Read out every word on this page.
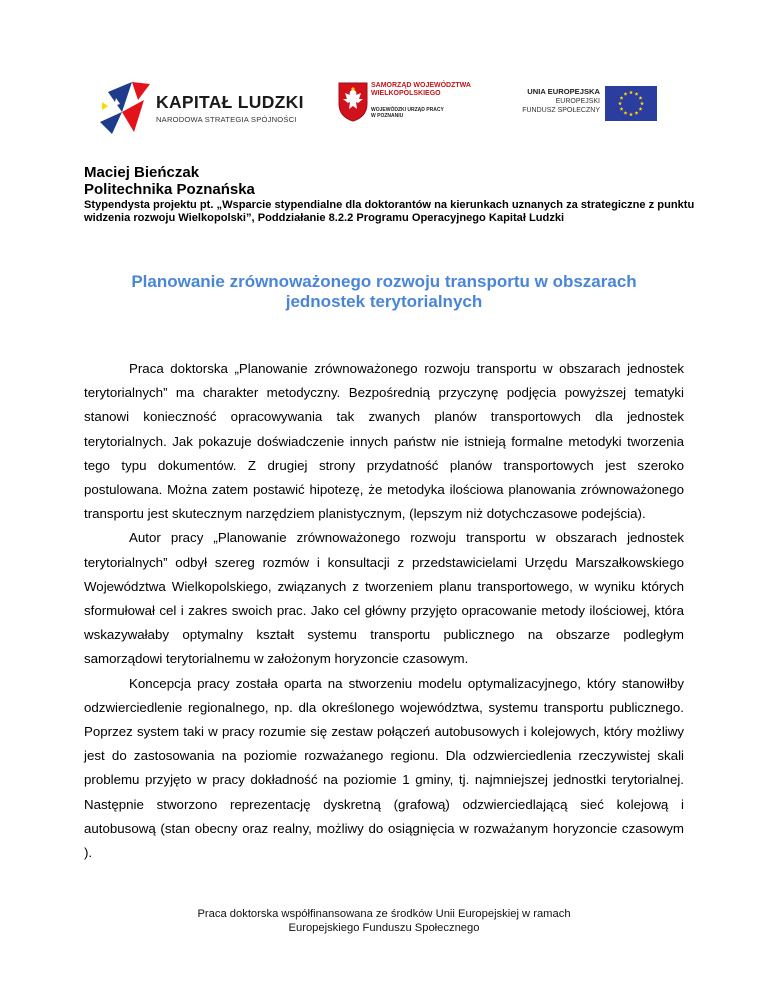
KAPITAŁ LUDZKI
NARODOWA STRATEGIA SPÓJNOŚCI
SAMORZĄD WOJEWÓDZTWA
WIELKOPOLSKIEGO
WOJEWÓDZKI URZĄD PRACY
W POZNANIU
UNIA EUROPEJSKA
EUROPEJSKI
FUNDUSZ SPOŁECZNY
Maciej Bieńczak
Politechnika Poznańska
Stypendysta projektu pt. „Wsparcie stypendialne dla doktorantów na kierunkach uznanych za strategiczne z punktu widzenia rozwoju Wielkopolski”, Poddziałanie 8.2.2 Programu Operacyjnego Kapitał Ludzki
Planowanie zrównoważonego rozwoju transportu w obszarach
jednostek terytorialnych

Praca doktorska „Planowanie zrównoważonego rozwoju transportu w obszarach jednostek terytorialnych” ma charakter metodyczny. Bezpośrednią przyczynę podjęcia powyższej tematyki stanowi konieczność opracowywania tak zwanych planów transportowych dla jednostek terytorialnych. Jak pokazuje doświadczenie innych państw nie istnieją formalne metodyki tworzenia tego typu dokumentów. Z drugiej strony przydatność planów transportowych jest szeroko postulowana. Można zatem postawić hipotezę, że metodyka ilościowa planowania zrównoważonego transportu jest skutecznym narzędziem planistycznym, (lepszym niż dotychczasowe podejścia).

Autor pracy „Planowanie zrównoważonego rozwoju transportu w obszarach jednostek terytorialnych” odbył szereg rozmów i konsultacji z przedstawicielami Urzędu Marszałkowskiego Województwa Wielkopolskiego, związanych z tworzeniem planu transportowego, w wyniku których sformułował cel i zakres swoich prac. Jako cel główny przyjęto opracowanie metody ilościowej, która wskazywałaby optymalny kształt systemu transportu publicznego na obszarze podległym samorządowi terytorialnemu w założonym horyzoncie czasowym.

Koncepcja pracy została oparta na stworzeniu modelu optymalizacyjnego, który stanowiłby odzwierciedlenie regionalnego, np. dla określonego województwa, systemu transportu publicznego. Poprzez system taki w pracy rozumie się zestaw połączeń autobusowych i kolejowych, który możliwy jest do zastosowania na poziomie rozważanego regionu. Dla odzwierciedlenia rzeczywistej skali problemu przyjęto w pracy dokładność na poziomie 1 gminy, tj. najmniejszej jednostki terytorialnej. Następnie stworzono reprezentację dyskretną (grafową) odzwierciedlającą sieć kolejową i autobusową (stan obecny oraz realny, możliwy do osiągnięcia w rozważanym horyzoncie czasowym ).

Praca doktorska współfinansowana ze środków Unii Europejskiej w ramach
Europejskiego Funduszu Społecznego
